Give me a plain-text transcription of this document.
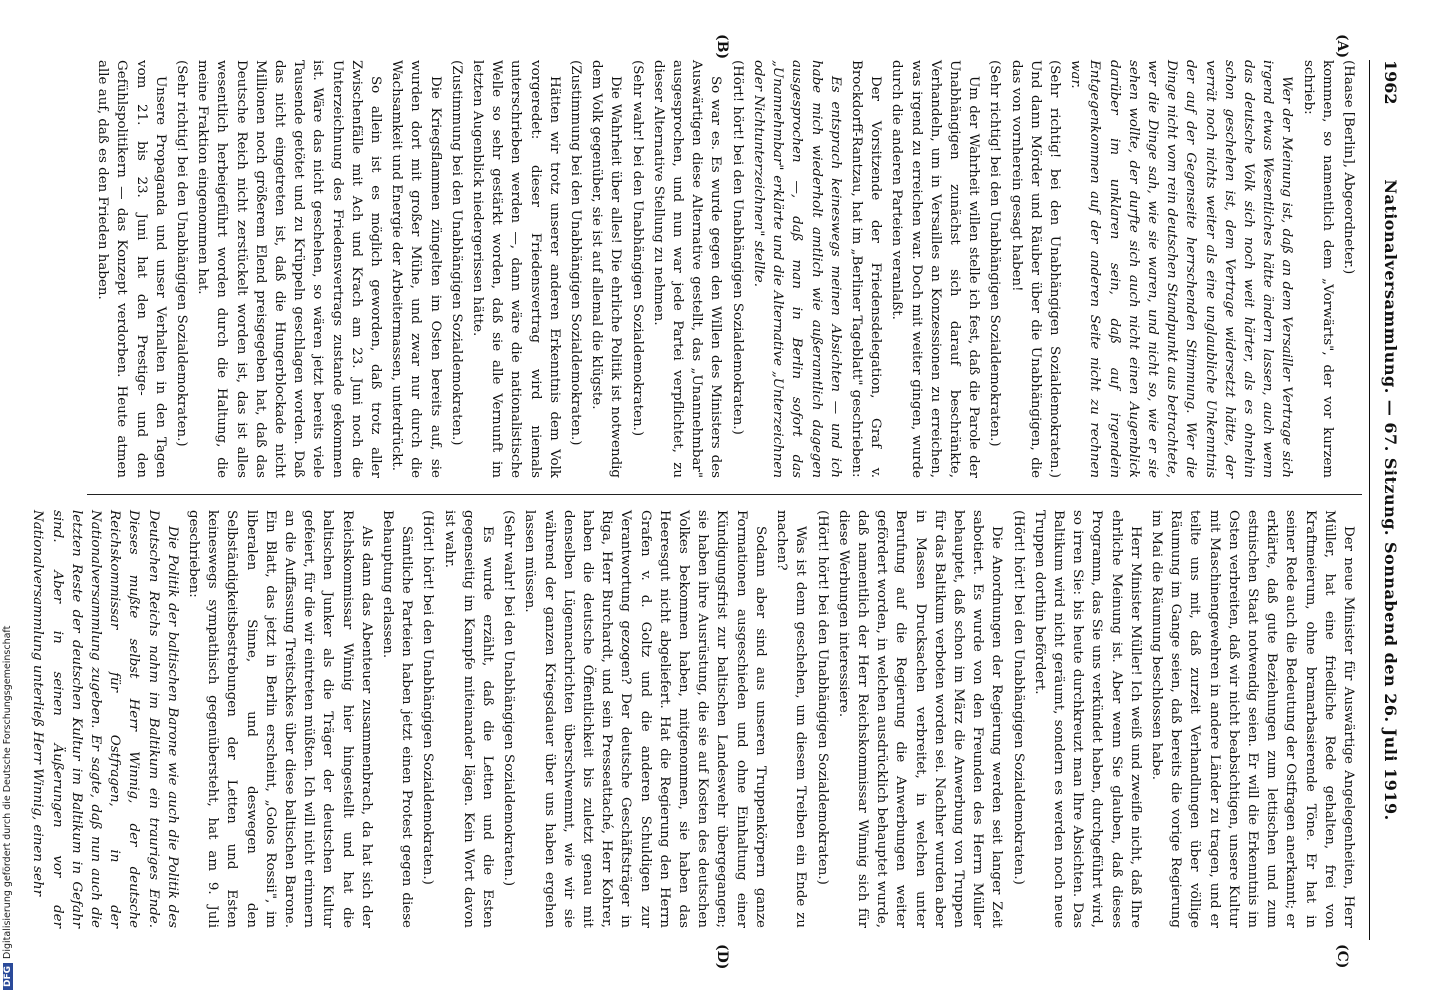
1962
Nationalversammlung. — 67. Sitzung. Sonnabend den 26. Juli 1919.
(A)
(B)
(C)
(D)

(Haase [Berlin], Abgeordneter.)

kommen, so namentlich dem „Vorwärts", der vor kurzem schrieb:

Wer der Meinung ist, daß an dem Versailler Vertrage sich irgend etwas Wesentliches hätte ändern lassen, auch wenn das deutsche Volk sich noch weit härter, als es ohnehin schon geschehen ist, dem Vertrage widersetzt hätte, der verrät noch nichts weiter als eine unglaubliche Unkenntnis der auf der Gegenseite herrschenden Stimmung. Wer die Dinge nicht vom rein deutschen Standpunkt aus betrachtete, wer die Dinge sah, wie sie waren, und nicht so, wie er sie sehen wollte, der durfte sich auch nicht einen Augenblick darüber im unklaren sein, daß auf irgendein Entgegenkommen auf der anderen Seite nicht zu rechnen war.

(Sehr richtig! bei den Unabhängigen Sozialdemokraten.) Und dann Mörder und Räuber über die Unabhängigen, die das von vornherein gesagt haben!

(Sehr richtig! bei den Unabhängigen Sozialdemokraten.)

Um der Wahrheit willen stelle ich fest, daß die Parole der Unabhängigen zunächst sich darauf beschränkte, Verhandeln, um in Versailles an Konzessionen zu erreichen, was irgend zu erreichen war. Doch mit weiter gingen, wurde durch die anderen Parteien veranlaßt.

Der Vorsitzende der Friedensdelegation, Graf v. Brockdorff-Rantzau, hat im „Berliner Tageblatt" geschrieben:

Es entsprach keineswegs meinen Absichten — und ich habe mich wiederholt amtlich wie außeramtlich dagegen ausgesprochen —, daß man in Berlin sofort das „Unannehmbar" erklärte und die Alternative „Unterzeichnen oder Nichtunterzeichnen" stellte.

(Hört! hört! bei den Unabhängigen Sozialdemokraten.)

So war es. Es wurde gegen den Willen des Ministers des Auswärtigen diese Alternative gestellt, das „Unannehmbar" ausgesprochen, und nun war jede Partei verpflichtet, zu dieser Alternative Stellung zu nehmen.

(Sehr wahr! bei den Unabhängigen Sozialdemokraten.)

Die Wahrheit über alles! Die ehrliche Politik ist notwendig dem Volk gegenüber, sie ist auf allemal die klügste.

(Zustimmung bei den Unabhängigen Sozialdemokraten.)

Hätten wir trotz unserer anderen Erkenntnis dem Volk vorgeredet: dieser Friedensvertrag wird niemals unterschrieben werden —, dann wäre die nationalistische Welle so sehr gestärkt worden, daß sie alle Vernunft im letzten Augenblick niedergerissen hätte.

(Zustimmung bei den Unabhängigen Sozialdemokraten.)

Die Kriegsflammen züngelten im Osten bereits auf, sie wurden dort mit großer Mühe, und zwar nur durch die Wachsamkeit und Energie der Arbeitermassen, unterdrückt.

So allein ist es möglich geworden, daß trotz aller Zwischenfälle mit Ach und Krach am 23. Juni noch die Unterzeichnung des Friedensvertrags zustande gekommen ist. Wäre das nicht geschehen, so wären jetzt bereits viele Tausende getötet und zu Krüppeln geschlagen worden. Daß das nicht eingetreten ist, daß die Hungerblockade nicht Millionen noch größerem Elend preisgegeben hat, daß das Deutsche Reich nicht zerstückelt worden ist, das ist alles wesentlich herbeigeführt worden durch die Haltung, die meine Fraktion eingenommen hat.

(Sehr richtig! bei den Unabhängigen Sozialdemokraten.)

Unsere Propaganda und unser Verhalten in den Tagen vom 21. bis 23. Juni hat den Prestige- und den Gefühlspolitikern — das Konzept verdorben. Heute atmen alle auf, daß es den Frieden haben.

Der neue Minister für Auswärtige Angelegenheiten, Herr Müller, hat eine friedliche Rede gehalten, frei von Kraftmeierum, ohne bramarbasierende Töne. Er hat in seiner Rede auch die Bedeutung der Ostfragen anerkannt; er erklärte, daß gute Beziehungen zum lettischen und zum estnischen Staat notwendig seien. Er will die Erkenntnis im Osten verbreiten, daß wir nicht beabsichtigen, unsere Kultur mit Maschinengewehren in andere Länder zu tragen, und er teilte uns mit, daß zurzeit Verhandlungen über völlige Räumung im Gange seien, daß bereits die vorige Regierung im Mai die Räumung beschlossen habe.

Herr Minister Müller! Ich weiß und zweifle nicht, daß Ihre ehrliche Meinung ist. Aber wenn Sie glauben, daß dieses Programm, das Sie uns verkündet haben, durchgeführt wird, so irren Sie: bis heute durchkreuzt man Ihre Absichten. Das Baltikum wird nicht geräumt, sondern es werden noch neue Truppen dorthin befördert.

(Hört! hört! bei den Unabhängigen Sozialdemokraten.)

Die Anordnungen der Regierung werden seit langer Zeit sabotiert. Es wurde von den Freunden des Herrn Müller behauptet, daß schon im März die Anwerbung von Truppen für das Baltikum verboten worden sei. Nachher wurden aber in Massen Drucksachen verbreitet, in welchen unter Berufung auf die Regierung die Anwerbungen weiter gefördert worden, in welchen ausdrücklich behauptet wurde, daß namentlich der Herr Reichskommissar Winnig sich für diese Werbungen interessiere.

(Hört! hört! bei den Unabhängigen Sozialdemokraten.)

Was ist denn geschehen, um diesem Treiben ein Ende zu machen?

Sodann aber sind aus unseren Truppenkörpern ganze Formationen ausgeschieden und ohne Einhaltung einer Kündigungsfrist zur baltischen Landeswehr übergegangen; sie haben ihre Ausrüstung, die sie auf Kosten des deutschen Volkes bekommen haben, mitgenommen, sie haben das Heeresgut nicht abgeliefert. Hat die Regierung den Herrn Grafen v. d. Goltz und die anderen Schuldigen zur Verantwortung gezogen? Der deutsche Geschäftsträger in Riga, Herr Burchardt, und sein Presseattaché, Herr Kohrer, haben die deutsche Öffentlichkeit bis zuletzt genau mit denselben Lügennachrichten überschwemmt, wie wir sie während der ganzen Kriegsdauer über uns haben ergehen lassen müssen.

(Sehr wahr! bei den Unabhängigen Sozialdemokraten.)

Es wurde erzählt, daß die Letten und die Esten gegenseitig im Kampfe miteinander lägen. Kein Wort davon ist wahr.

(Hört! hört! bei den Unabhängigen Sozialdemokraten.)

Sämtliche Parteien haben jetzt einen Protest gegen diese Behauptung erlassen.

Als dann das Abenteuer zusammenbrach, da hat sich der Reichskommissar Winnig hier hingestellt und hat die baltischen Junker als die Träger der deutschen Kultur gefeiert, für die wir eintreten müßten. Ich will nicht erinnern an die Auffassung Treitschkes über diese baltischen Barone. Ein Blatt, das jetzt in Berlin erscheint, „Golos Rossii", im liberalen Sinne, und deswegen den Selbständigkeitsbestrebungen der Letten und Esten keineswegs sympathisch gegenübersteht, hat am 9. Juli geschrieben:

Die Politik der baltischen Barone wie auch die Politik des Deutschen Reichs nahm im Baltikum ein trauriges Ende. Dieses mußte selbst Herr Winnig, der deutsche Reichskommissar für Ostfragen, in der Nationalversammlung zugeben. Er sagte, daß nun auch die letzten Reste der deutschen Kultur im Baltikum in Gefahr sind. Aber in seinen Äußerungen vor der Nationalversammlung unterließ Herr Winnig, einen sehr

DFGDigitalisierung gefördert durch die Deutsche Forschungsgemeinschaft
